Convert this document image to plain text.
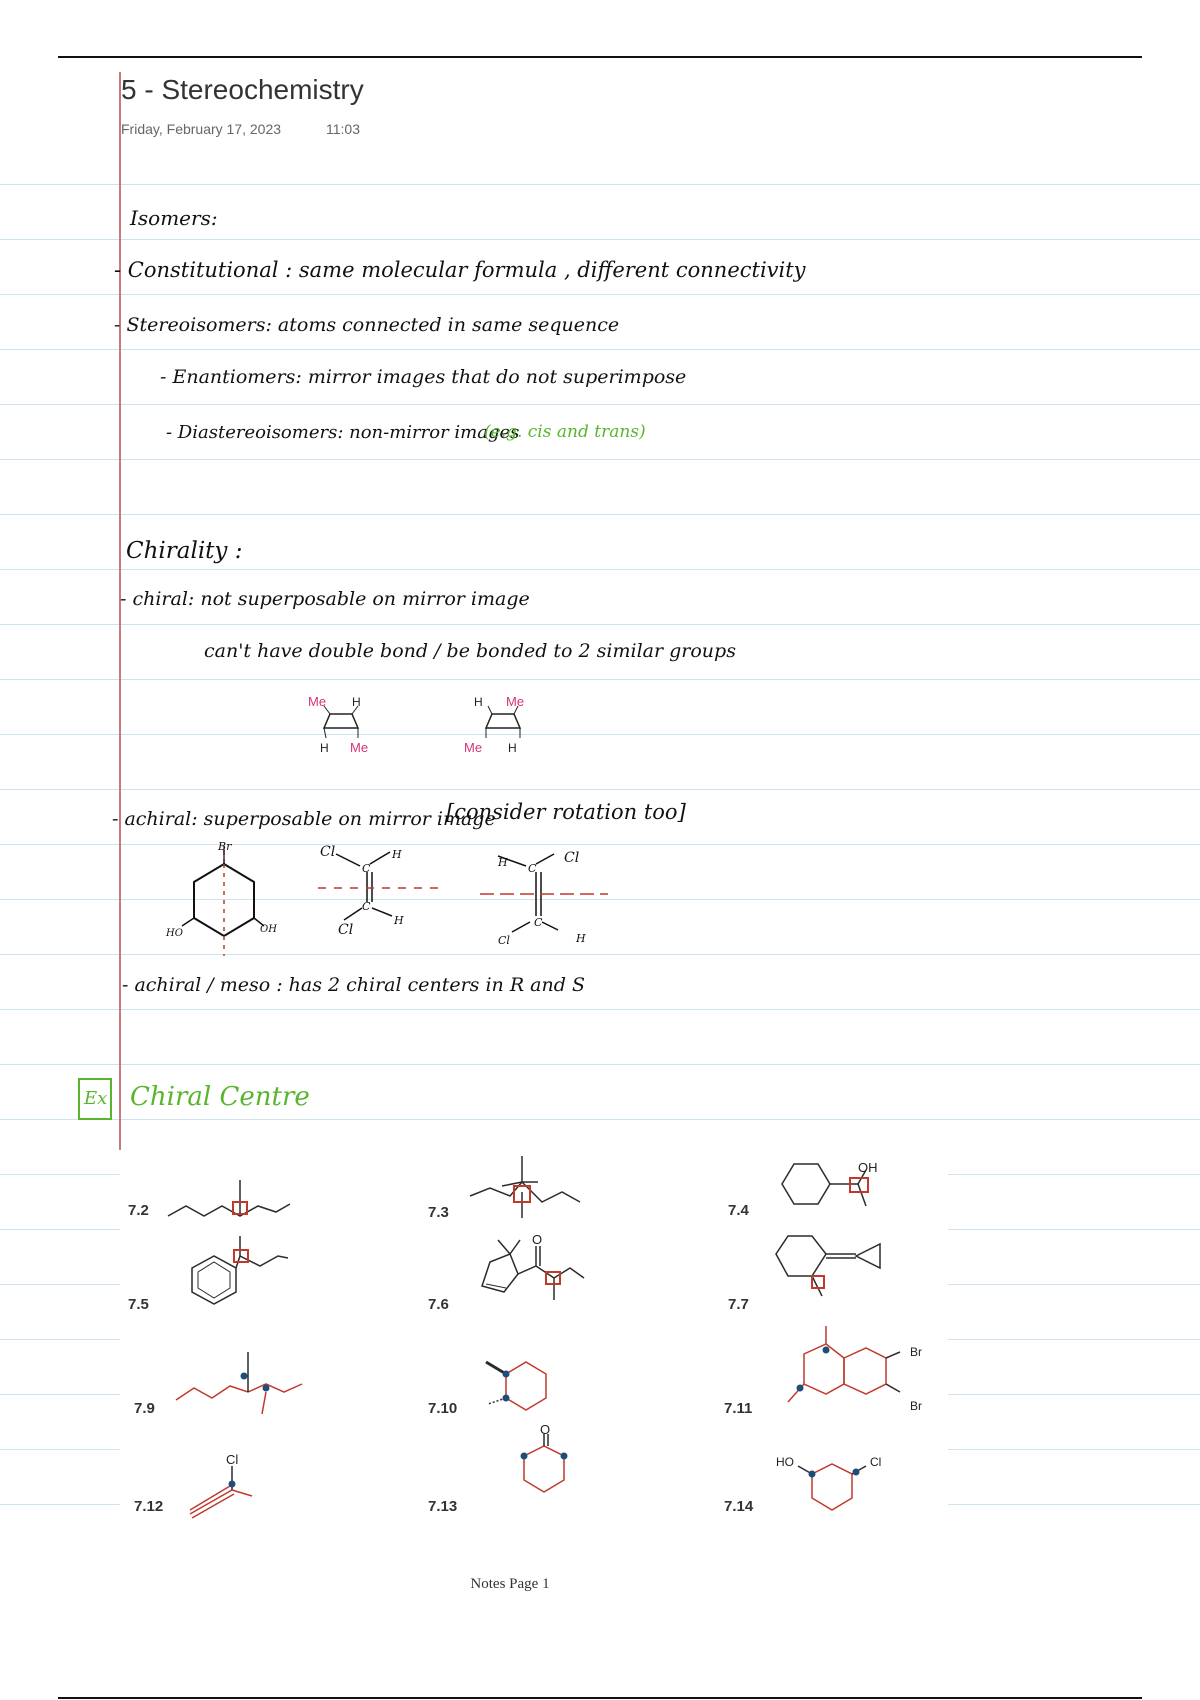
5 - Stereochemistry
Friday, February 17, 2023	11:03
Isomers:
- Constitutional : same molecular formula , different connectivity
- Stereoisomers: atoms connected in same sequence
- Enantiomers: mirror images that do not superimpose
- Diastereoisomers: non-mirror images
(e.g. cis and trans)
Chirality :
- chiral: not superposable on mirror image
can't have double bond / be bonded to 2 similar groups
Me H
H Me
H Me
Me H
- achiral: superposable on mirror image
[consider rotation too]
Br
HO	OH
Cl	H
C
C
Cl
H
H C
Cl
C
Cl	H
- achiral / meso : has 2 chiral centers in R and S
Ex Chiral Centre
7.2	7.3	7.4
7.5	7.6	7.7
7.9	7.10	7.11
7.12	7.13	7.14
OH
O
Br
Br
Cl
O
HO	Cl
Notes Page 1
